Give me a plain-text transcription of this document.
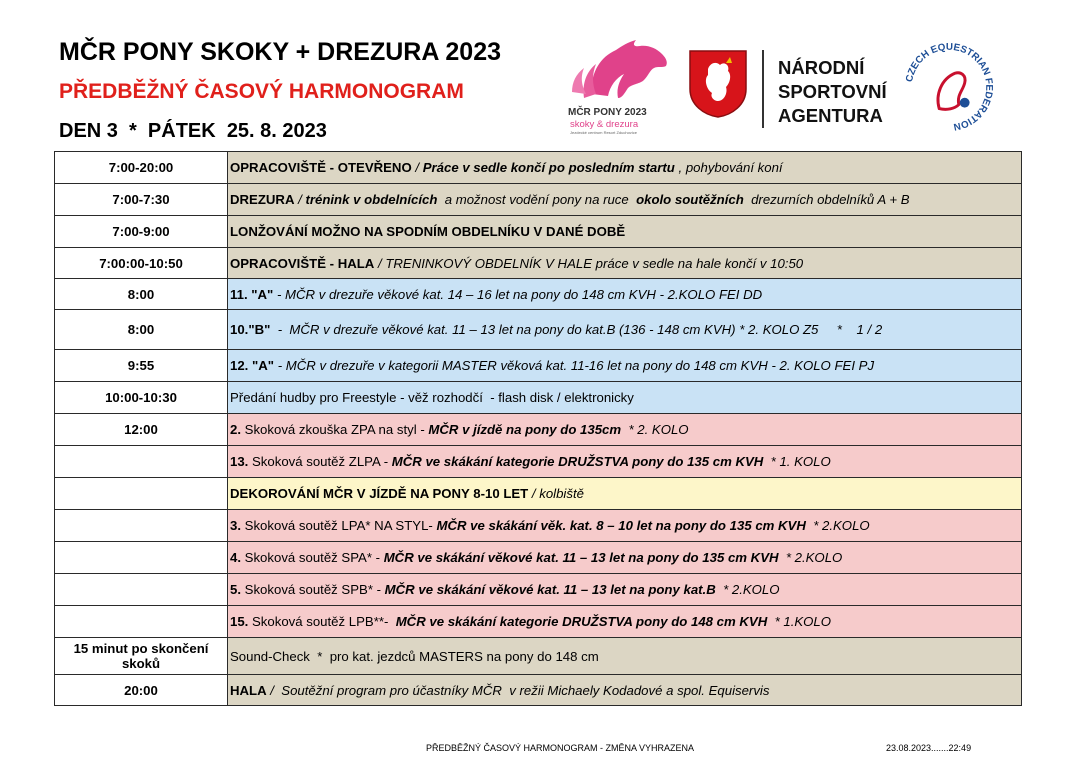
MČR PONY SKOKY + DREZURA 2023
PŘEDBĚŽNÝ ČASOVÝ HARMONOGRAM
DEN 3  *  PÁTEK  25. 8. 2023
MČR PONY 2023
skoky & drezura
Jezdecké centrum Resort Zduchovice
NÁRODNÍ
SPORTOVNÍ
AGENTURA
CZECH EQUESTRIAN FEDERATION
7:00-20:00	OPRACOVIŠTĚ - OTEVŘENO / Práce v sedle končí po posledním startu , pohybování koní
7:00-7:30	DREZURA / trénink v obdelnících  a možnost vodění pony na ruce  okolo soutěžních  drezurních obdelníků A + B
7:00-9:00	LONŽOVÁNÍ MOŽNO NA SPODNÍM OBDELNÍKU V DANÉ DOBĚ
7:00:00-10:50	OPRACOVIŠTĚ - HALA / TRENINKOVÝ OBDELNÍK V HALE práce v sedle na hale končí v 10:50
8:00	11. "A" - MČR v drezuře věkové kat. 14 – 16 let na pony do 148 cm KVH - 2.KOLO FEI DD
8:00	10."B"  -  MČR v drezuře věkové kat. 11 – 13 let na pony do kat.B (136 - 148 cm KVH) * 2. KOLO Z5     *    1 / 2
9:55	12. "A" - MČR v drezuře v kategorii MASTER věková kat. 11-16 let na pony do 148 cm KVH - 2. KOLO FEI PJ
10:00-10:30	Předání hudby pro Freestyle - věž rozhodčí  - flash disk / elektronicky
12:00	2. Skoková zkouška ZPA na styl - MČR v jízdě na pony do 135cm  * 2. KOLO
	13. Skoková soutěž ZLPA - MČR ve skákání kategorie DRUŽSTVA pony do 135 cm KVH  * 1. KOLO
	DEKOROVÁNÍ MČR V JÍZDĚ NA PONY 8-10 LET / kolbiště
	3. Skoková soutěž LPA* NA STYL- MČR ve skákání věk. kat. 8 – 10 let na pony do 135 cm KVH  * 2.KOLO
	4. Skoková soutěž SPA* - MČR ve skákání věkové kat. 11 – 13 let na pony do 135 cm KVH  * 2.KOLO
	5. Skoková soutěž SPB* - MČR ve skákání věkové kat. 11 – 13 let na pony kat.B  * 2.KOLO
	15. Skoková soutěž LPB**-  MČR ve skákání kategorie DRUŽSTVA pony do 148 cm KVH  * 1.KOLO
15 minut po skončení skoků	Sound-Check  *  pro kat. jezdců MASTERS na pony do 148 cm
20:00	HALA /  Soutěžní program pro účastníky MČR  v režii Michaely Kodadové a spol. Equiservis
PŘEDBĚŽNÝ ČASOVÝ HARMONOGRAM - ZMĚNA VYHRAZENA	23.08.2023.......22:49
